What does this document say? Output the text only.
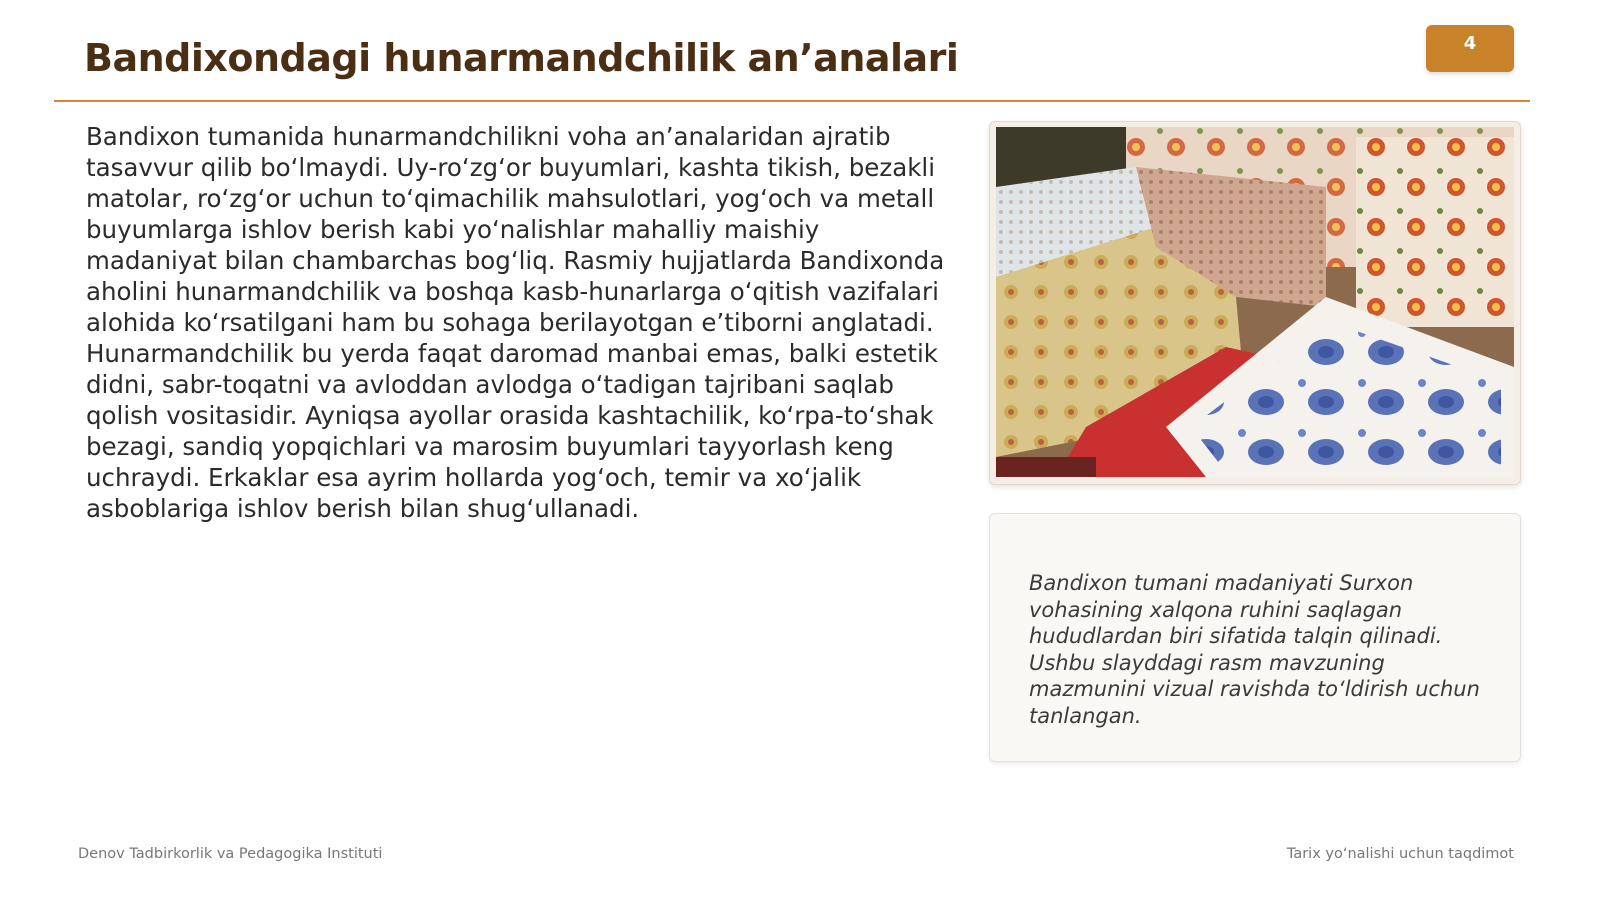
Bandixondagi hunarmandchilik an’analari	4
Bandixon tumanida hunarmandchilikni voha an’analaridan ajratib tasavvur qilib bo‘lmaydi. Uy-ro‘zg‘or buyumlari, kashta tikish, bezakli matolar, ro‘zg‘or uchun to‘qimachilik mahsulotlari, yog‘och va metall buyumlarga ishlov berish kabi yo‘nalishlar mahalliy maishiy madaniyat bilan chambarchas bog‘liq. Rasmiy hujjatlarda Bandixonda aholini hunarmandchilik va boshqa kasb-hunarlarga o‘qitish vazifalari alohida ko‘rsatilgani ham bu sohaga berilayotgan e’tiborni anglatadi. Hunarmandchilik bu yerda faqat daromad manbai emas, balki estetik didni, sabr-toqatni va avloddan avlodga o‘tadigan tajribani saqlab qolish vositasidir. Ayniqsa ayollar orasida kashtachilik, ko‘rpa-to‘shak bezagi, sandiq yopqichlari va marosim buyumlari tayyorlash keng uchraydi. Erkaklar esa ayrim hollarda yog‘och, temir va xo‘jalik asboblariga ishlov berish bilan shug‘ullanadi.
Bandixon tumani madaniyati Surxon vohasining xalqona ruhini saqlagan hududlardan biri sifatida talqin qilinadi. Ushbu slayddagi rasm mavzuning mazmunini vizual ravishda to‘ldirish uchun tanlangan.
Denov Tadbirkorlik va Pedagogika Instituti	Tarix yo‘nalishi uchun taqdimot
